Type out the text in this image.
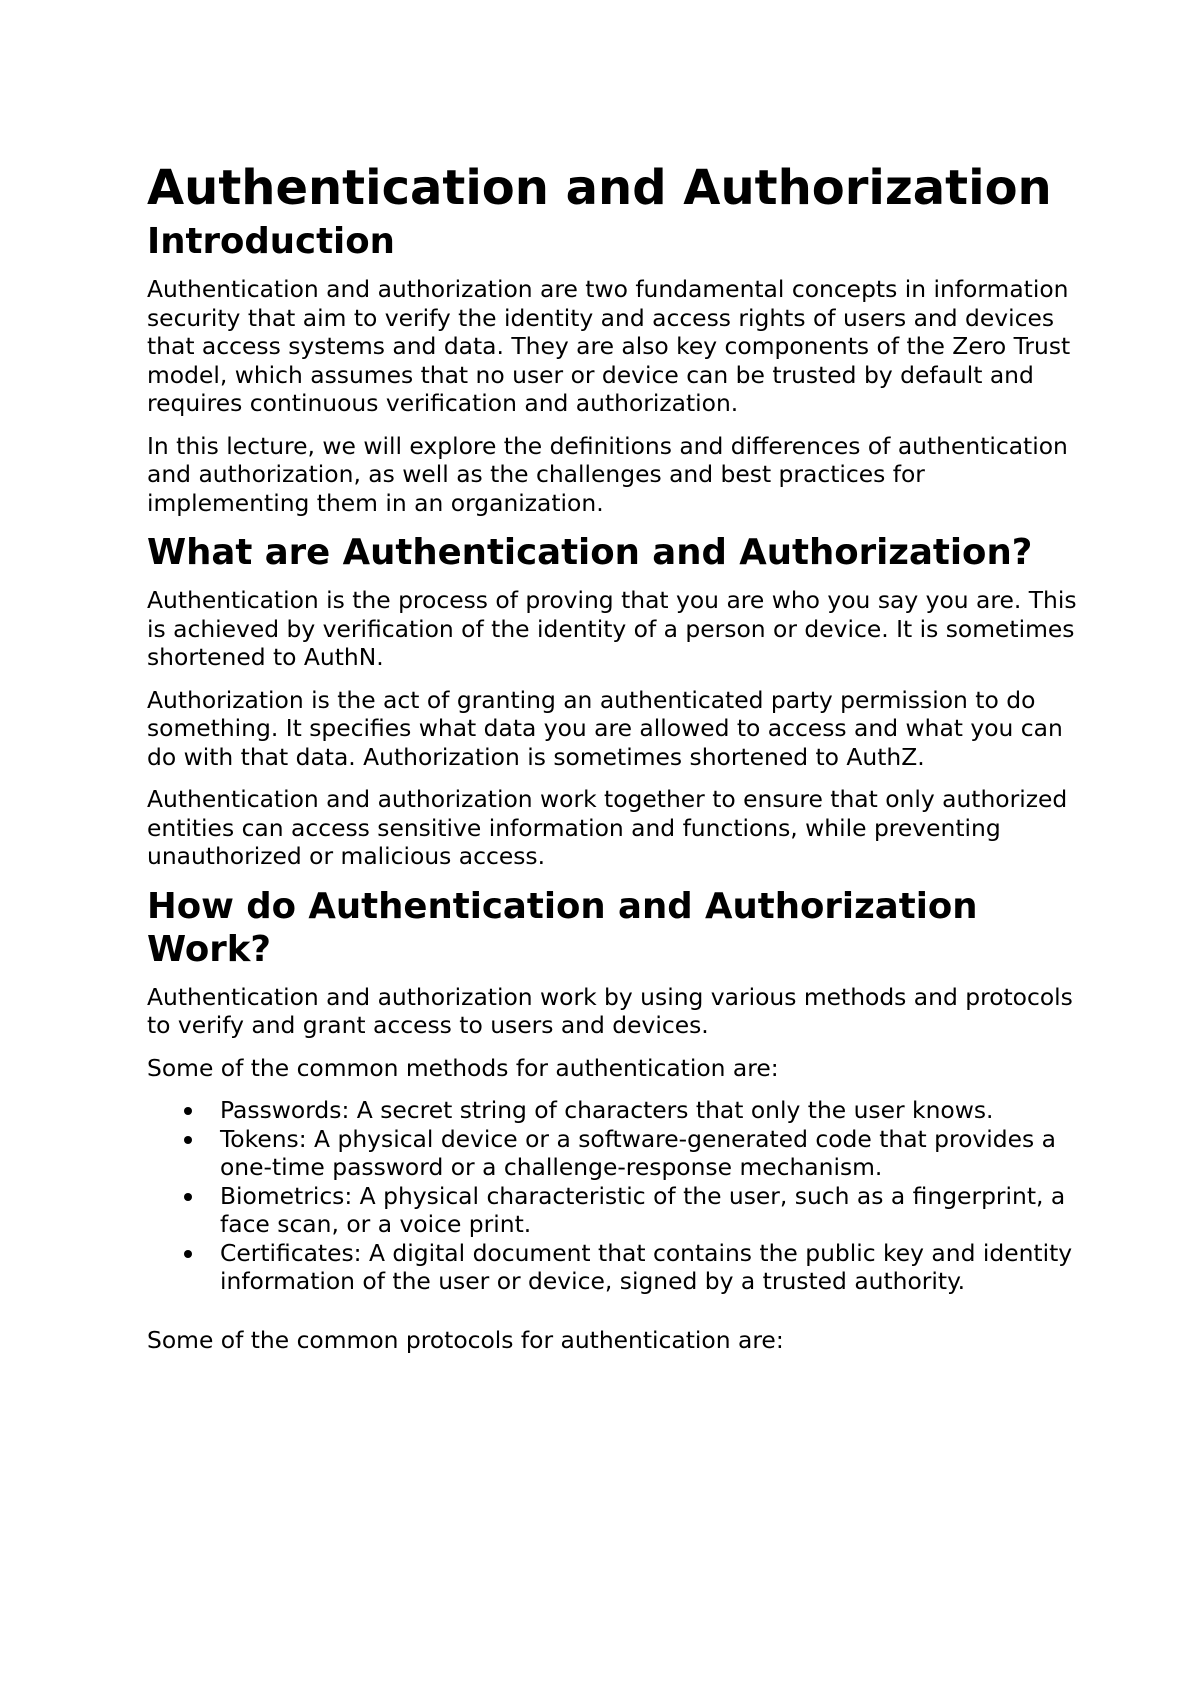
Authentication and Authorization
Introduction

Authentication and authorization are two fundamental concepts in information security that aim to verify the identity and access rights of users and devices that access systems and data. They are also key components of the Zero Trust model, which assumes that no user or device can be trusted by default and requires continuous verification and authorization.

In this lecture, we will explore the definitions and differences of authentication and authorization, as well as the challenges and best practices for implementing them in an organization.

What are Authentication and Authorization?

Authentication is the process of proving that you are who you say you are. This is achieved by verification of the identity of a person or device. It is sometimes shortened to AuthN.

Authorization is the act of granting an authenticated party permission to do something. It specifies what data you are allowed to access and what you can do with that data. Authorization is sometimes shortened to AuthZ.

Authentication and authorization work together to ensure that only authorized entities can access sensitive information and functions, while preventing unauthorized or malicious access.

How do Authentication and Authorization Work?

Authentication and authorization work by using various methods and protocols to verify and grant access to users and devices.

Some of the common methods for authentication are:

Passwords: A secret string of characters that only the user knows.
Tokens: A physical device or a software-generated code that provides a one-time password or a challenge-response mechanism.
Biometrics: A physical characteristic of the user, such as a fingerprint, a face scan, or a voice print.
Certificates: A digital document that contains the public key and identity information of the user or device, signed by a trusted authority.

Some of the common protocols for authentication are:
